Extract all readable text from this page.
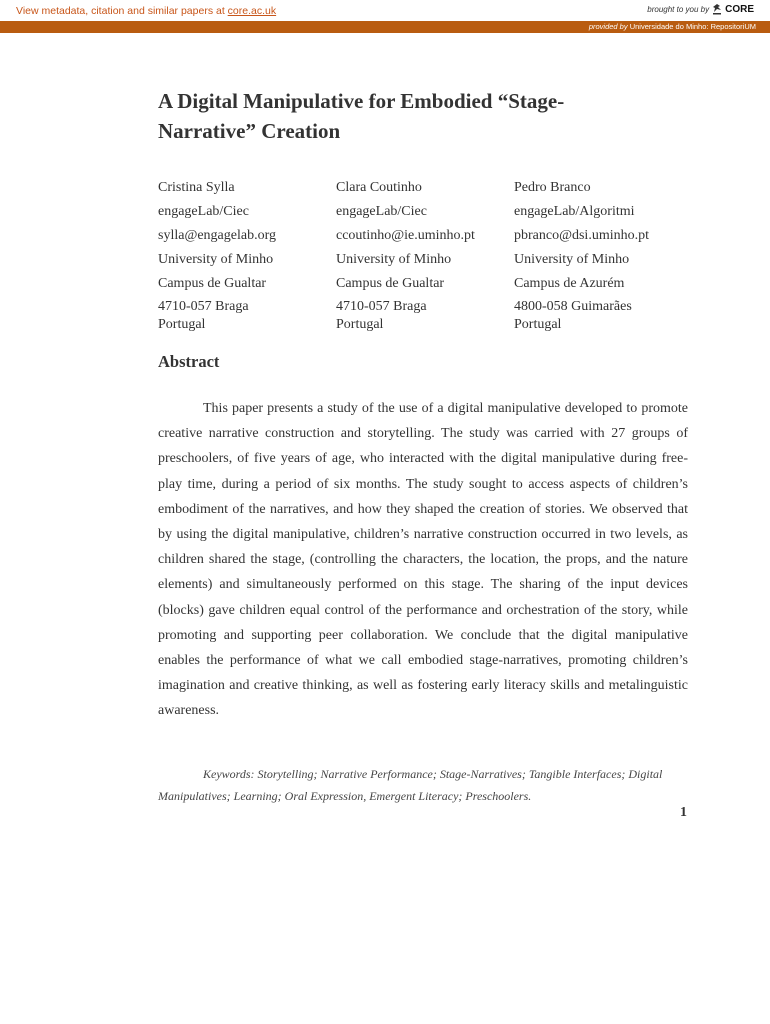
View metadata, citation and similar papers at core.ac.uk	brought to you by CORE
provided by Universidade do Minho: RepositoriUM
A Digital Manipulative for Embodied “Stage-Narrative” Creation
Cristina Sylla
engageLab/Ciec
sylla@engagelab.org
University of Minho
Campus de Gualtar
4710-057 Braga
Portugal
Clara Coutinho
engageLab/Ciec
ccoutinho@ie.uminho.pt
University of Minho
Campus de Gualtar
4710-057 Braga
Portugal
Pedro Branco
engageLab/Algoritmi
pbranco@dsi.uminho.pt
University of Minho
Campus de Azurém
4800-058 Guimarães
Portugal
Abstract
This paper presents a study of the use of a digital manipulative developed to promote creative narrative construction and storytelling. The study was carried with 27 groups of preschoolers, of five years of age, who interacted with the digital manipulative during free-play time, during a period of six months. The study sought to access aspects of children’s embodiment of the narratives, and how they shaped the creation of stories. We observed that by using the digital manipulative, children’s narrative construction occurred in two levels, as children shared the stage, (controlling the characters, the location, the props, and the nature elements) and simultaneously performed on this stage. The sharing of the input devices (blocks) gave children equal control of the performance and orchestration of the story, while promoting and supporting peer collaboration. We conclude that the digital manipulative enables the performance of what we call embodied stage-narratives, promoting children’s imagination and creative thinking, as well as fostering early literacy skills and metalinguistic awareness.
Keywords: Storytelling; Narrative Performance; Stage-Narratives; Tangible Interfaces; Digital Manipulatives; Learning; Oral Expression, Emergent Literacy; Preschoolers.
1
